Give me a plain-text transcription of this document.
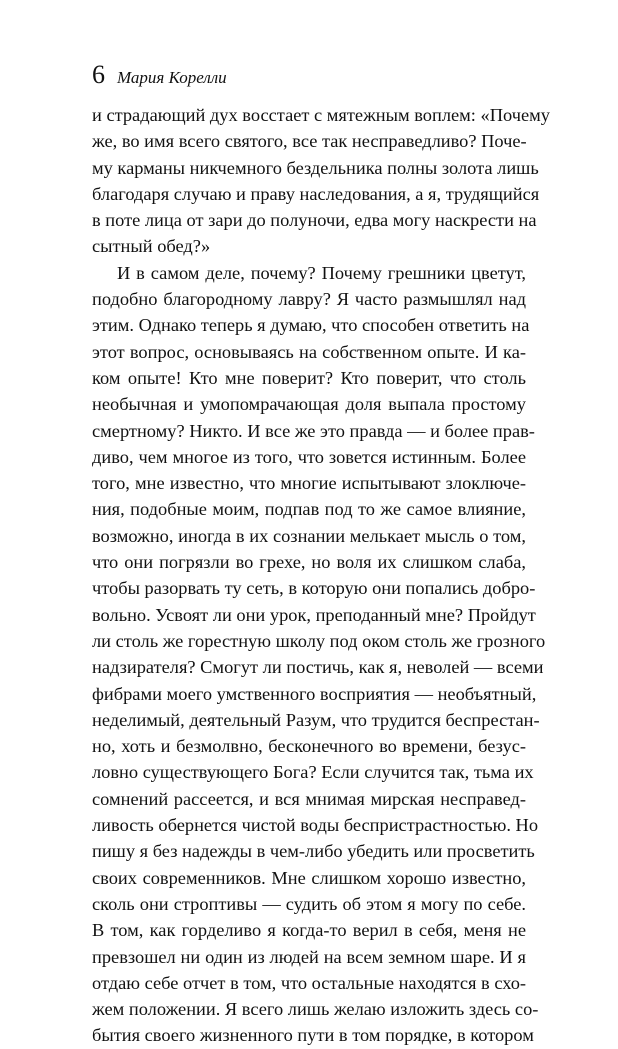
6 Мария Корелли
и страдающий дух восстает с мятежным воплем: «Почему
же, во имя всего святого, все так несправедливо? Поче-
му карманы никчемного бездельника полны золота лишь
благодаря случаю и праву наследования, а я, трудящийся
в поте лица от зари до полуночи, едва могу наскрести на
сытный обед?»
И в самом деле, почему? Почему грешники цветут,
подобно благородному лавру? Я часто размышлял над
этим. Однако теперь я думаю, что способен ответить на
этот вопрос, основываясь на собственном опыте. И ка-
ком опыте! Кто мне поверит? Кто поверит, что столь
необычная и умопомрачающая доля выпала простому
смертному? Никто. И все же это правда — и более прав-
диво, чем многое из того, что зовется истинным. Более
того, мне известно, что многие испытывают злоключе-
ния, подобные моим, подпав под то же самое влияние,
возможно, иногда в их сознании мелькает мысль о том,
что они погрязли во грехе, но воля их слишком слаба,
чтобы разорвать ту сеть, в которую они попались добро-
вольно. Усвоят ли они урок, преподанный мне? Пройдут
ли столь же горестную школу под оком столь же грозного
надзирателя? Смогут ли постичь, как я, неволей — всеми
фибрами моего умственного восприятия — необъятный,
неделимый, деятельный Разум, что трудится беспрестан-
но, хоть и безмолвно, бесконечного во времени, безус-
ловно существующего Бога? Если случится так, тьма их
сомнений рассеется, и вся мнимая мирская несправед-
ливость обернется чистой воды беспристрастностью. Но
пишу я без надежды в чем-либо убедить или просветить
своих современников. Мне слишком хорошо известно,
сколь они строптивы — судить об этом я могу по себе.
В том, как горделиво я когда-то верил в себя, меня не
превзошел ни один из людей на всем земном шаре. И я
отдаю себе отчет в том, что остальные находятся в схо-
жем положении. Я всего лишь желаю изложить здесь со-
бытия своего жизненного пути в том порядке, в котором
